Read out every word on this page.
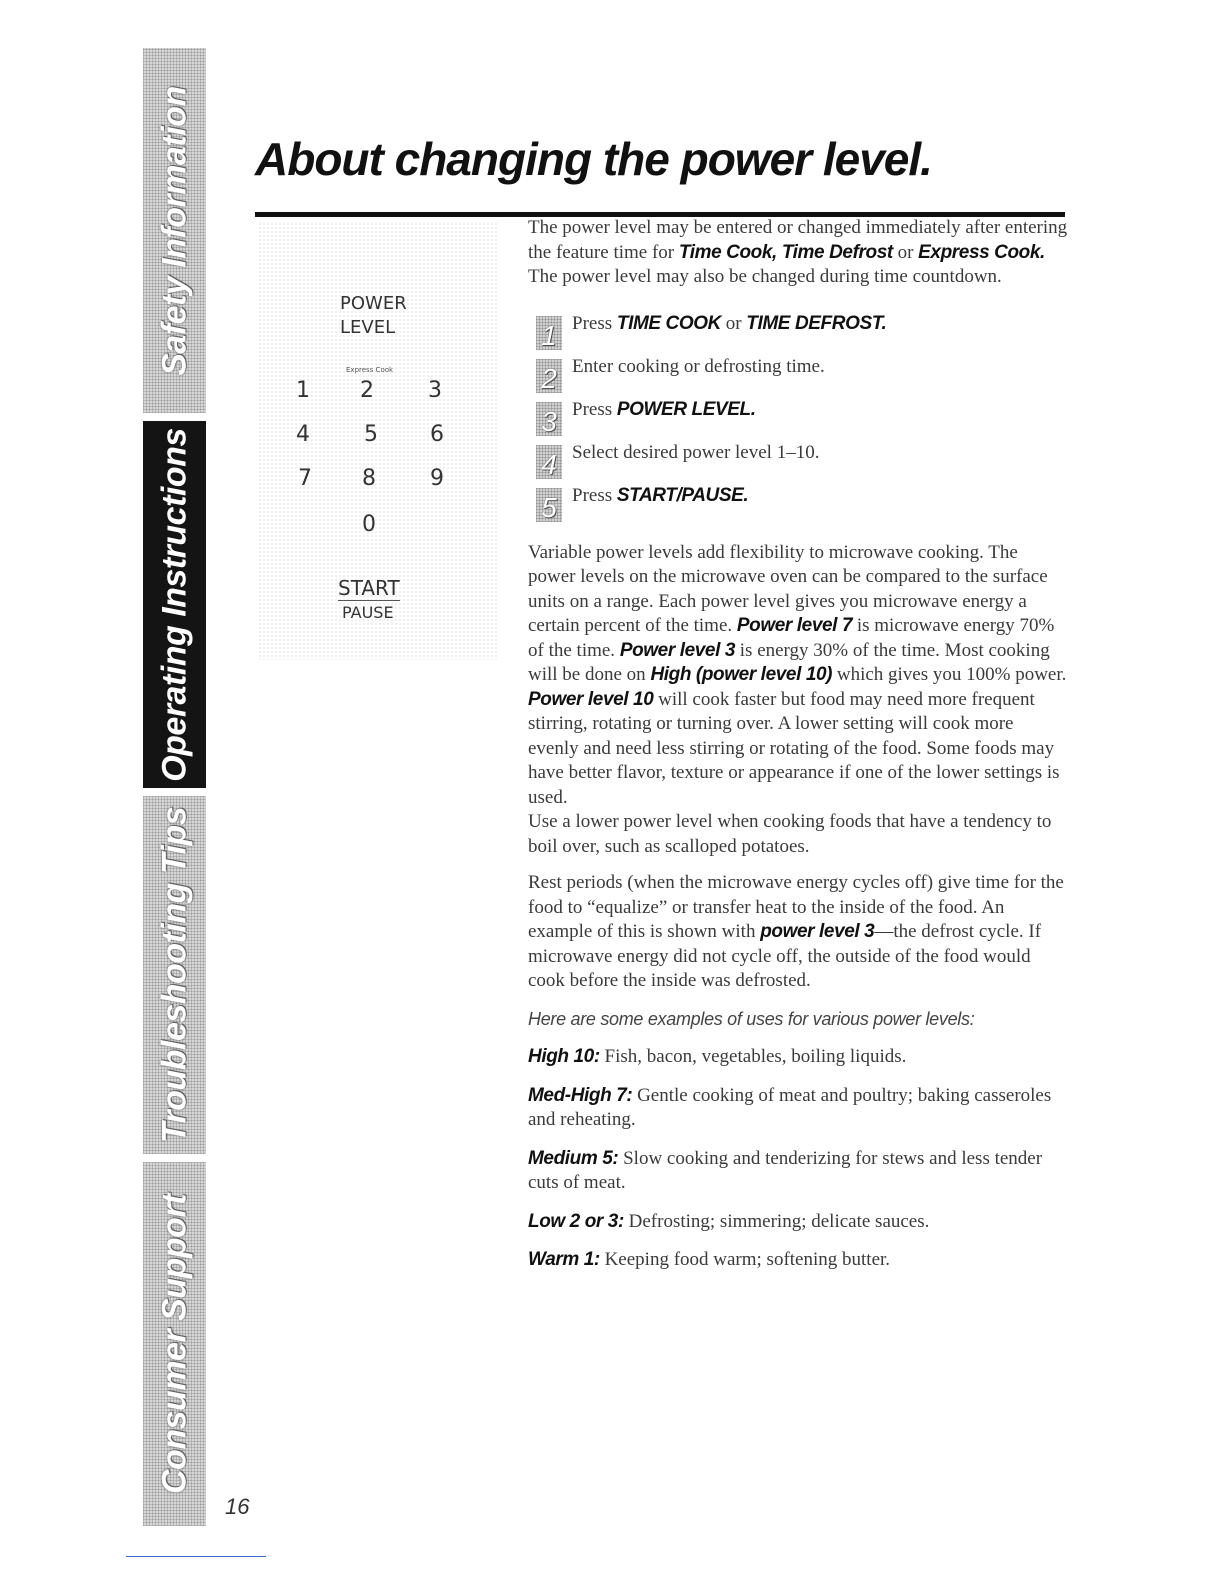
Safety Information
Operating Instructions
Troubleshooting Tips
Consumer Support
16
About changing the power level.
POWER
LEVEL
Express Cook
1 2 3
4 5 6
7 8 9
0
START
PAUSE

The power level may be entered or changed immediately after entering the feature time for Time Cook, Time Defrost or Express Cook. The power level may also be changed during time countdown.

1 Press TIME COOK or TIME DEFROST.
2 Enter cooking or defrosting time.
3 Press POWER LEVEL.
4 Select desired power level 1–10.
5 Press START/PAUSE.

Variable power levels add flexibility to microwave cooking. The power levels on the microwave oven can be compared to the surface units on a range. Each power level gives you microwave energy a certain percent of the time. Power level 7 is microwave energy 70% of the time. Power level 3 is energy 30% of the time. Most cooking will be done on High (power level 10) which gives you 100% power. Power level 10 will cook faster but food may need more frequent stirring, rotating or turning over. A lower setting will cook more evenly and need less stirring or rotating of the food. Some foods may have better flavor, texture or appearance if one of the lower settings is used.
Use a lower power level when cooking foods that have a tendency to boil over, such as scalloped potatoes.

Rest periods (when the microwave energy cycles off) give time for the food to “equalize” or transfer heat to the inside of the food. An example of this is shown with power level 3—the defrost cycle. If microwave energy did not cycle off, the outside of the food would cook before the inside was defrosted.

Here are some examples of uses for various power levels:

High 10: Fish, bacon, vegetables, boiling liquids.

Med-High 7: Gentle cooking of meat and poultry; baking casseroles and reheating.

Medium 5: Slow cooking and tenderizing for stews and less tender cuts of meat.

Low 2 or 3: Defrosting; simmering; delicate sauces.

Warm 1: Keeping food warm; softening butter.
